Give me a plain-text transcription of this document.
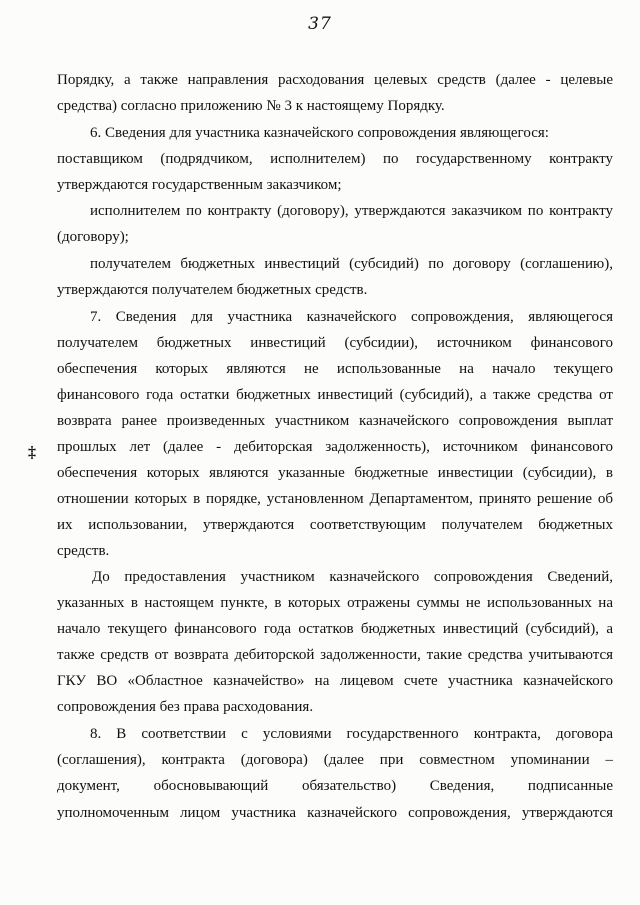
37
‡
Порядку, а также направления расходования целевых средств (далее - целевые
средства) согласно приложению № 3 к настоящему Порядку.
6. Сведения для участника казначейского сопровождения являющегося:
поставщиком (подрядчиком, исполнителем) по государственному контракту
утверждаются государственным заказчиком;
исполнителем по контракту (договору), утверждаются заказчиком по контракту
(договору);
получателем бюджетных инвестиций (субсидий) по договору (соглашению),
утверждаются получателем бюджетных средств.
7. Сведения для участника казначейского сопровождения, являющегося
получателем бюджетных инвестиций (субсидии), источником финансового
обеспечения которых являются не использованные на начало текущего
финансового года остатки бюджетных инвестиций (субсидий), а также средства от
возврата ранее произведенных участником казначейского сопровождения выплат
прошлых лет (далее - дебиторская задолженность), источником финансового
обеспечения которых являются указанные бюджетные инвестиции (субсидии), в
отношении которых в порядке, установленном Департаментом, принято решение об
их использовании, утверждаются соответствующим получателем бюджетных
средств.
До предоставления участником казначейского сопровождения Сведений,
указанных в настоящем пункте, в которых отражены суммы не использованных на
начало текущего финансового года остатков бюджетных инвестиций (субсидий), а
также средств от возврата дебиторской задолженности, такие средства учитываются
ГКУ ВО «Областное казначейство» на лицевом счете участника казначейского
сопровождения без права расходования.
8. В соответствии с условиями государственного контракта, договора
(соглашения), контракта (договора) (далее при совместном упоминании –
документ, обосновывающий обязательство) Сведения, подписанные
уполномоченным лицом участника казначейского сопровождения, утверждаются
